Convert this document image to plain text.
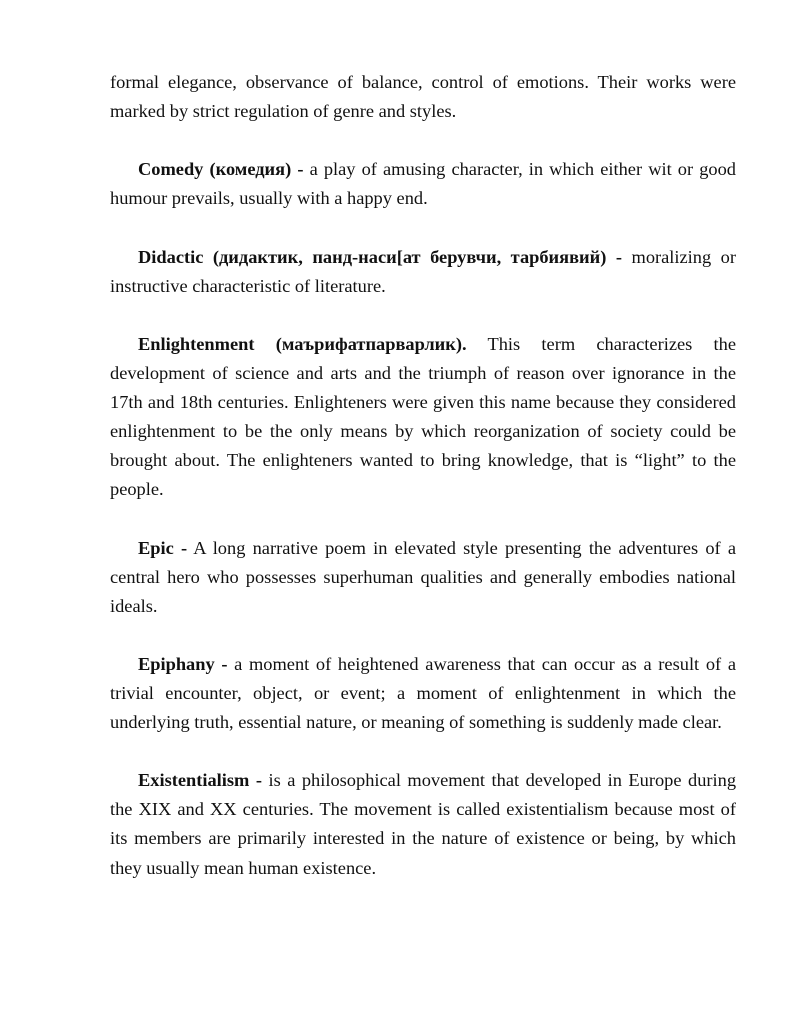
formal elegance, observance of balance, control of emotions. Their works were marked by strict regulation of genre and styles.

Comedy (комедия) - a play of amusing character, in which either wit or good humour prevails, usually with a happy end.

Didactic (дидактик, панд-наси[ат берувчи, тарбиявий) - moralizing or instructive characteristic of literature.

Enlightenment (маърифатпарварлик). This term characterizes the development of science and arts and the triumph of reason over ignorance in the 17th and 18th centuries. Enlighteners were given this name because they considered enlightenment to be the only means by which reorganization of society could be brought about. The enlighteners wanted to bring knowledge, that is “light” to the people.

Epic - A long narrative poem in elevated style presenting the adventures of a central hero who possesses superhuman qualities and generally embodies national ideals.

Epiphany - a moment of heightened awareness that can occur as a result of a trivial encounter, object, or event; a moment of enlightenment in which the underlying truth, essential nature, or meaning of something is suddenly made clear.

Existentialism - is a philosophical movement that developed in Europe during the XIX and XX centuries. The movement is called existentialism because most of its members are primarily interested in the nature of existence or being, by which they usually mean human existence.
